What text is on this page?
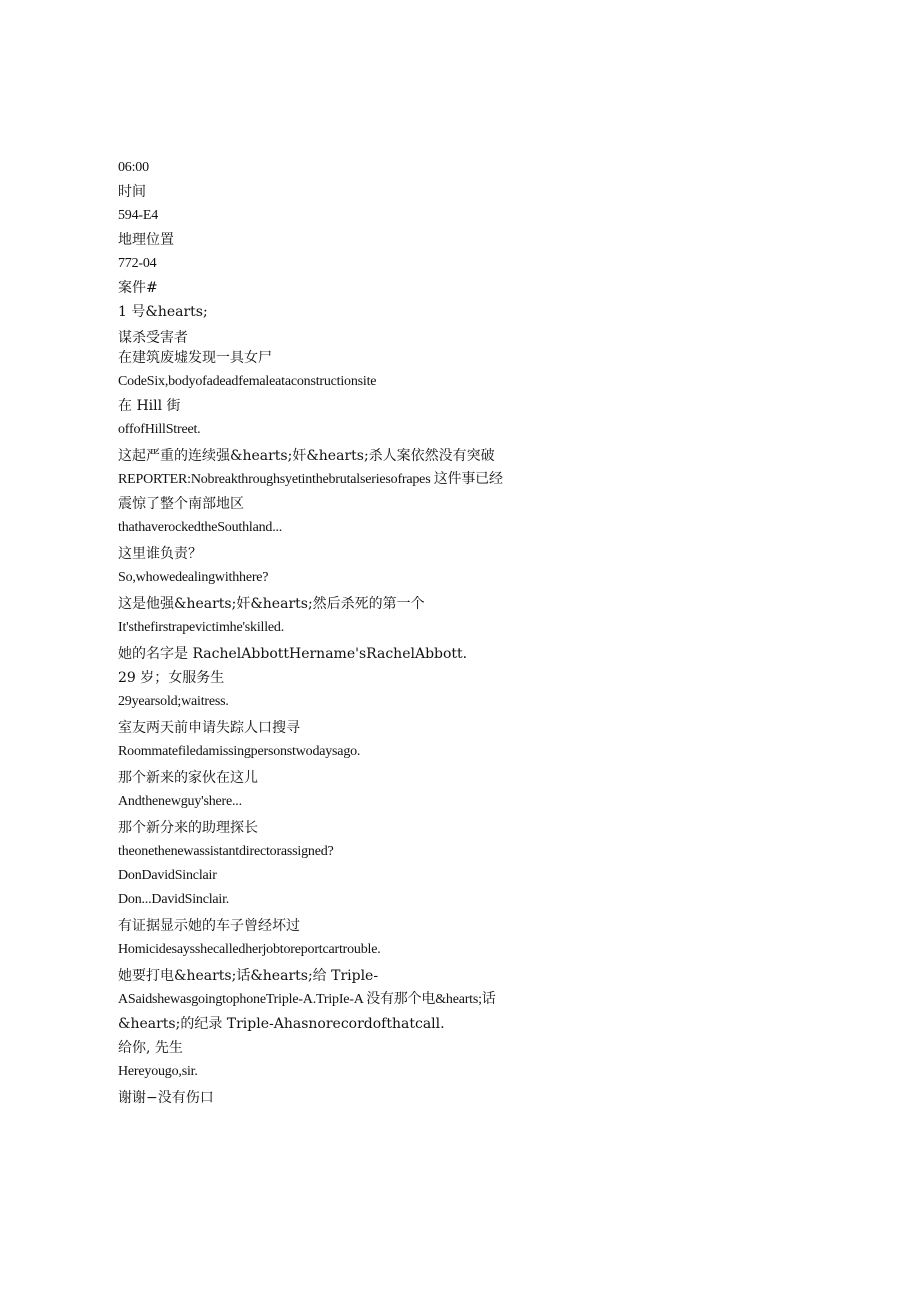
06:00
时间
594-E4
地理位置
772-04
案件#
1 号&hearts;
谋杀受害者
在建筑废墟发现一具女尸
CodeSix,bodyofadeadfemaleataconstructionsite
在 Hill 街
offofHillStreet.
这起严重的连续强&hearts;奸&hearts;杀人案依然没有突破
REPORTER:Nobreakthroughsyetinthebrutalseriesofrapes 这件事已经
震惊了整个南部地区
thathaverockedtheSouthland...
这里谁负责？
So,whowedealingwithhere?
这是他强&hearts;奸&hearts;然后杀死的第一个
It'sthefirstrapevictimhe'skilled.
她的名字是 RachelAbbottHername'sRachelAbbott.
29 岁；女服务生
29yearsold;waitress.
室友两天前申请失踪人口搜寻
Roommatefiledamissingpersonstwodaysago.
那个新来的家伙在这儿
Andthenewguy'shere...
那个新分来的助理探长
theonethenewassistantdirectorassigned?
DonDavidSinclair
Don...DavidSinclair.
有证据显示她的车子曾经坏过
Homicidesaysshecalledherjobtoreportcartrouble.
她要打电&hearts;话&hearts;给 Triple-
ASaidshewasgoingtophoneTriple-A.TripIe-A 没有那个电&hearts;话
&hearts;的纪录 Triple-Ahasnorecordofthatcall.
给你, 先生
Hereyougo,sir.
谢谢−没有伤口
